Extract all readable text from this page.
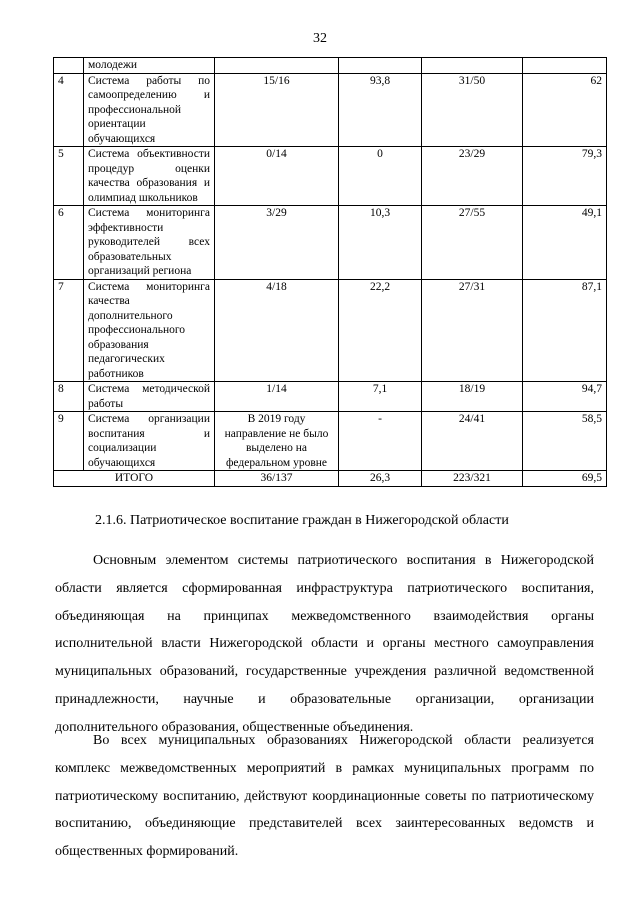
32
	молодежи				
4	Система работы по самоопределению и профессиональной ориентации обучающихся	15/16	93,8	31/50	62
5	Система объективности процедур оценки качества образования и олимпиад школьников	0/14	0	23/29	79,3
6	Система мониторинга эффективности руководителей всех образовательных организаций региона	3/29	10,3	27/55	49,1
7	Система мониторинга качества дополнительного профессионального образования педагогических работников	4/18	22,2	27/31	87,1
8	Система методической работы	1/14	7,1	18/19	94,7
9	Система организации воспитания и социализации обучающихся	В 2019 году направление не было выделено на федеральном уровне	-	24/41	58,5
ИТОГО		36/137	26,3	223/321	69,5
2.1.6. Патриотическое воспитание граждан в Нижегородской области

Основным элементом системы патриотического воспитания в Нижегородской области является сформированная инфраструктура патриотического воспитания, объединяющая на принципах межведомственного взаимодействия органы исполнительной власти Нижегородской области и органы местного самоуправления муниципальных образований, государственные учреждения различной ведомственной принадлежности, научные и образовательные организации, организации дополнительного образования, общественные объединения.

Во всех муниципальных образованиях Нижегородской области реализуется комплекс межведомственных мероприятий в рамках муниципальных программ по патриотическому воспитанию, действуют координационные советы по патриотическому воспитанию, объединяющие представителей всех заинтересованных ведомств и общественных формирований.
